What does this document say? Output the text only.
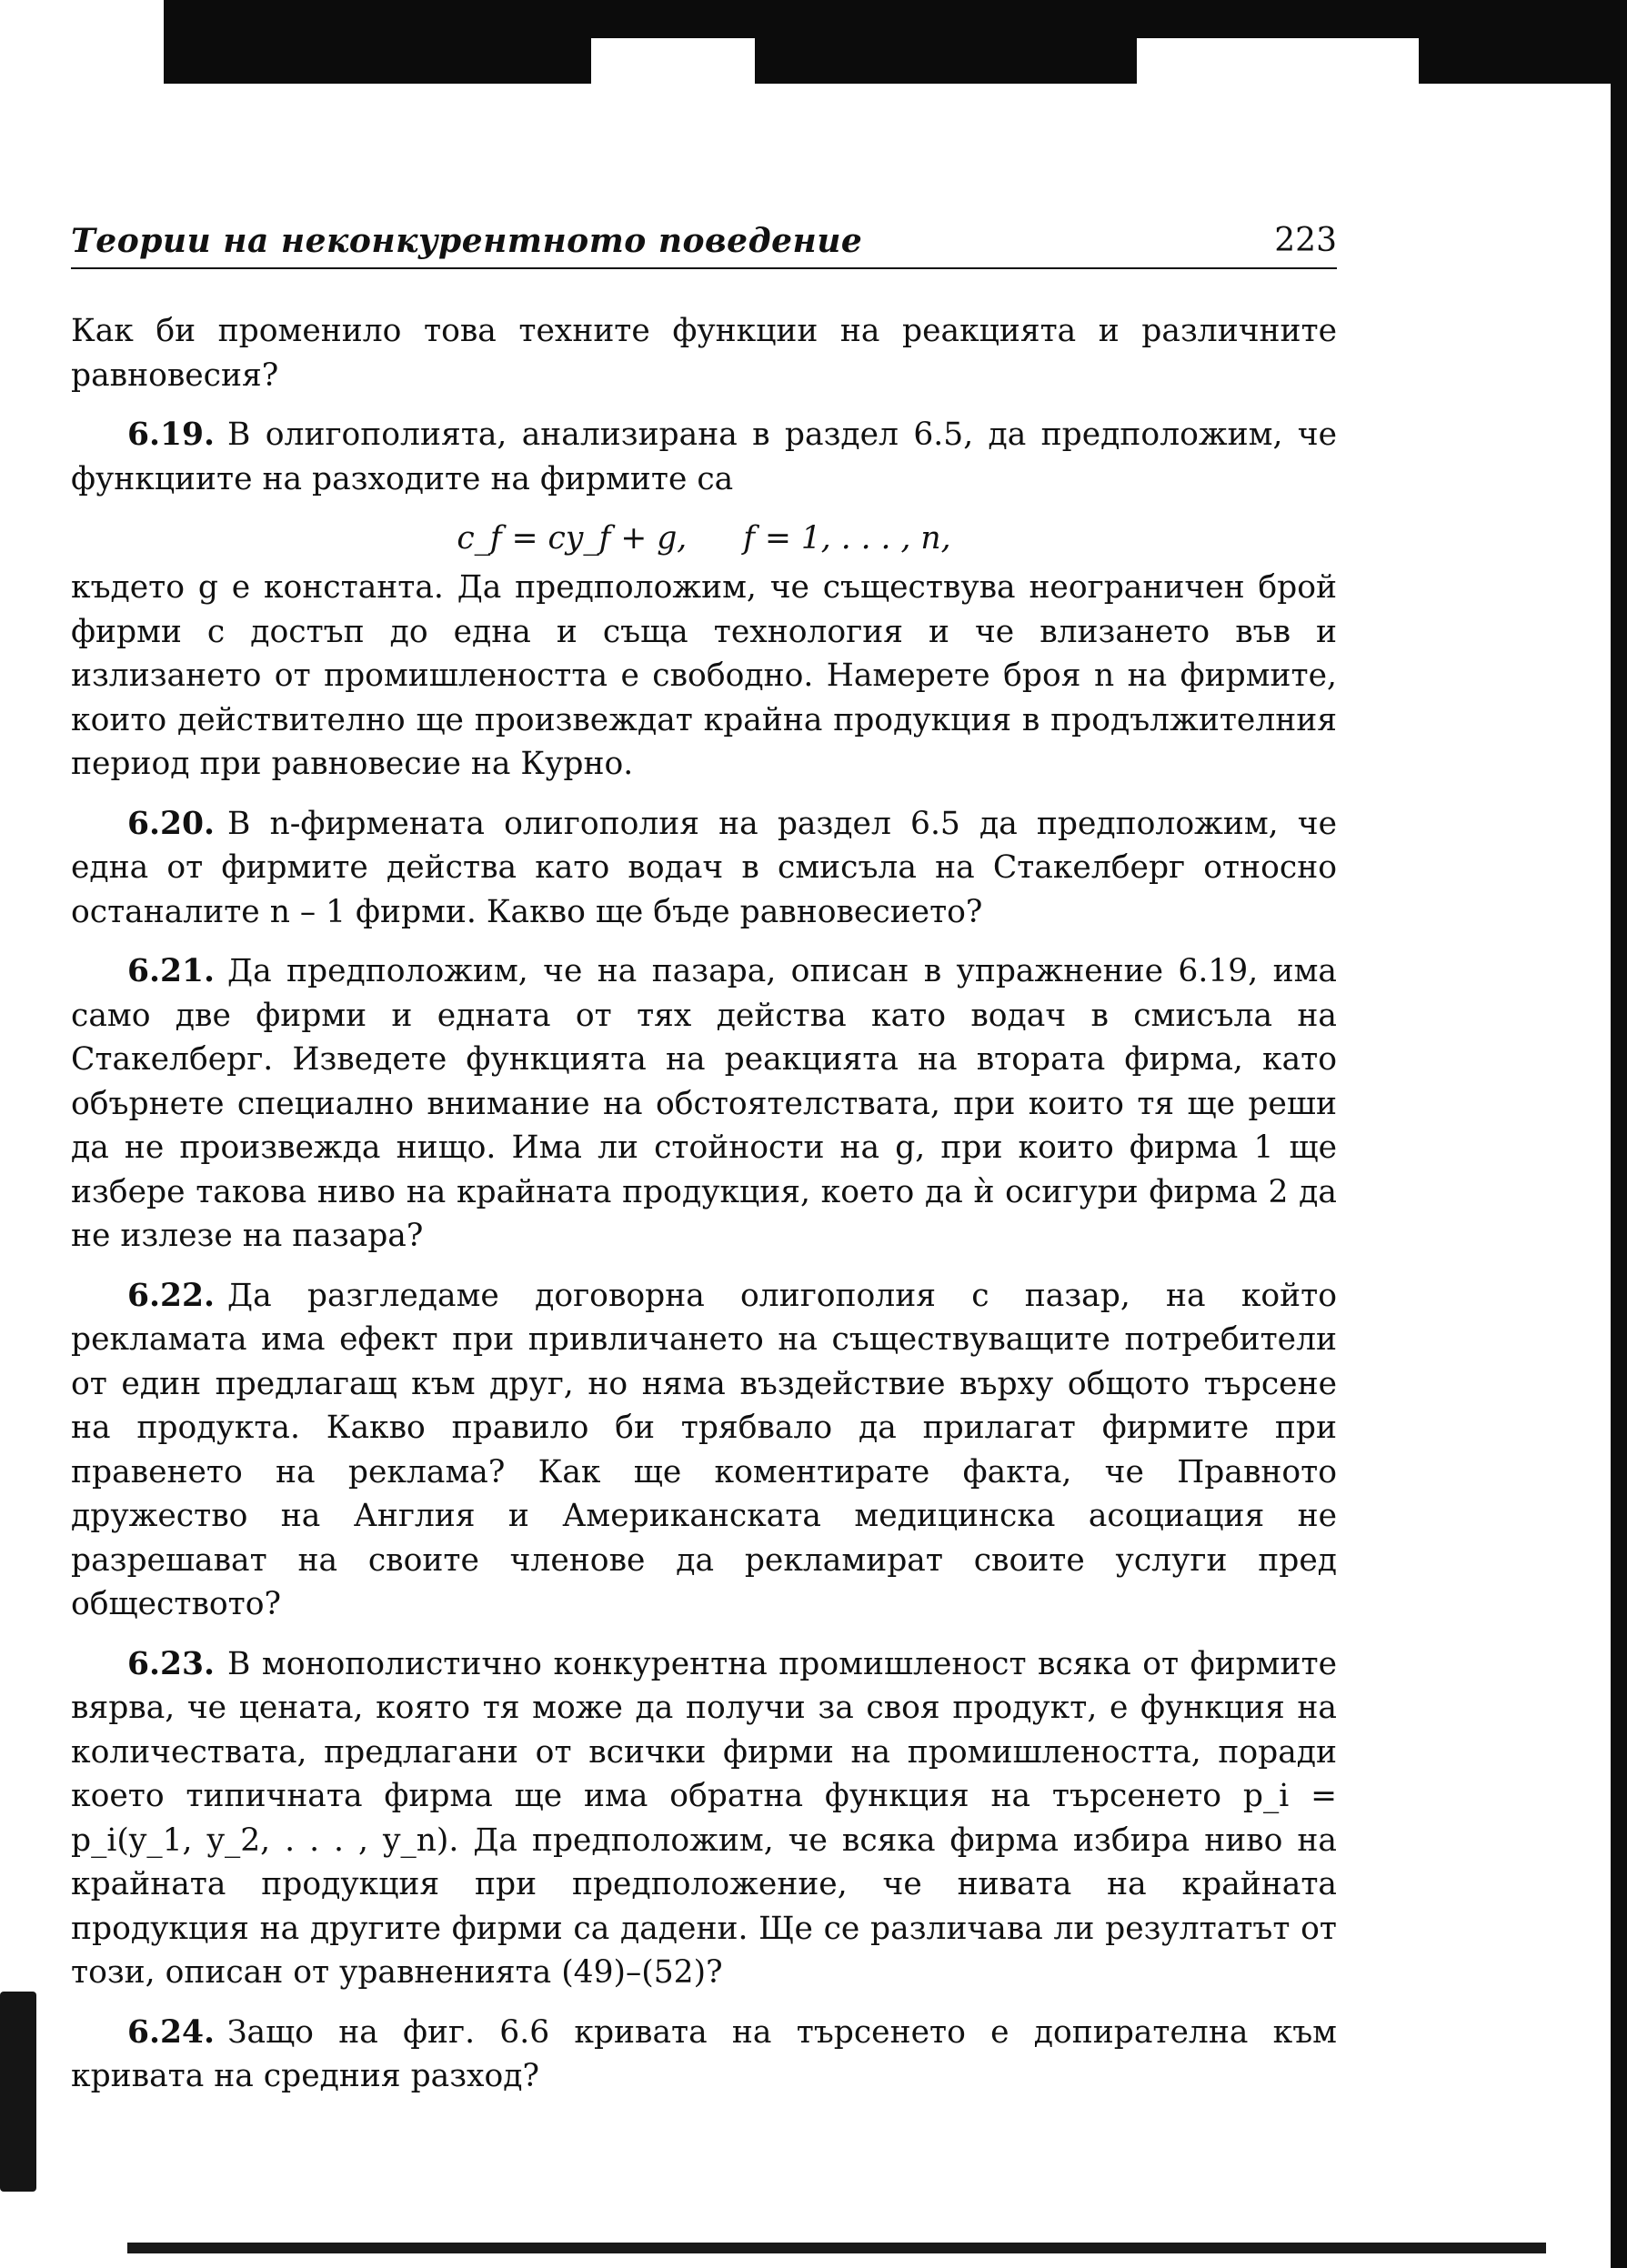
Теории на неконкурентното поведение	223

Как би променило това техните функции на реакцията и различните равновесия?

6.19. В олигополията, анализирана в раздел 6.5, да предположим, че функциите на разходите на фирмите са

c_f = cy_f + g, f = 1, . . . , n,

където g е константа. Да предположим, че съществува неограничен брой фирми с достъп до една и съща технология и че влизането във и излизането от промишлеността е свободно. Намерете броя n на фирмите, които действително ще произвеждат крайна продукция в продължителния период при равновесие на Курно.

6.20. В n-фирмената олигополия на раздел 6.5 да предположим, че една от фирмите действа като водач в смисъла на Стакелберг относно останалите n – 1 фирми. Какво ще бъде равновесието?

6.21. Да предположим, че на пазара, описан в упражнение 6.19, има само две фирми и едната от тях действа като водач в смисъла на Стакелберг. Изведете функцията на реакцията на втората фирма, като обърнете специално внимание на обстоятелствата, при които тя ще реши да не произвежда нищо. Има ли стойности на g, при които фирма 1 ще избере такова ниво на крайната продукция, което да ѝ осигури фирма 2 да не излезе на пазара?

6.22. Да разгледаме договорна олигополия с пазар, на който рекламата има ефект при привличането на съществуващите потребители от един предлагащ към друг, но няма въздействие върху общото търсене на продукта. Какво правило би трябвало да прилагат фирмите при правенето на реклама? Как ще коментирате факта, че Правното дружество на Англия и Американската медицинска асоциация не разрешават на своите членове да рекламират своите услуги пред обществото?

6.23. В монополистично конкурентна промишленост всяка от фирмите вярва, че цената, която тя може да получи за своя продукт, е функция на количествата, предлагани от всички фирми на промишлеността, поради което типичната фирма ще има обратна функция на търсенето p_i = p_i(y_1, y_2, . . . , y_n). Да предположим, че всяка фирма избира ниво на крайната продукция при предположение, че нивата на крайната продукция на другите фирми са дадени. Ще се различава ли резултатът от този, описан от уравненията (49)–(52)?

6.24. Защо на фиг. 6.6 кривата на търсенето е допирателна към кривата на средния разход?
